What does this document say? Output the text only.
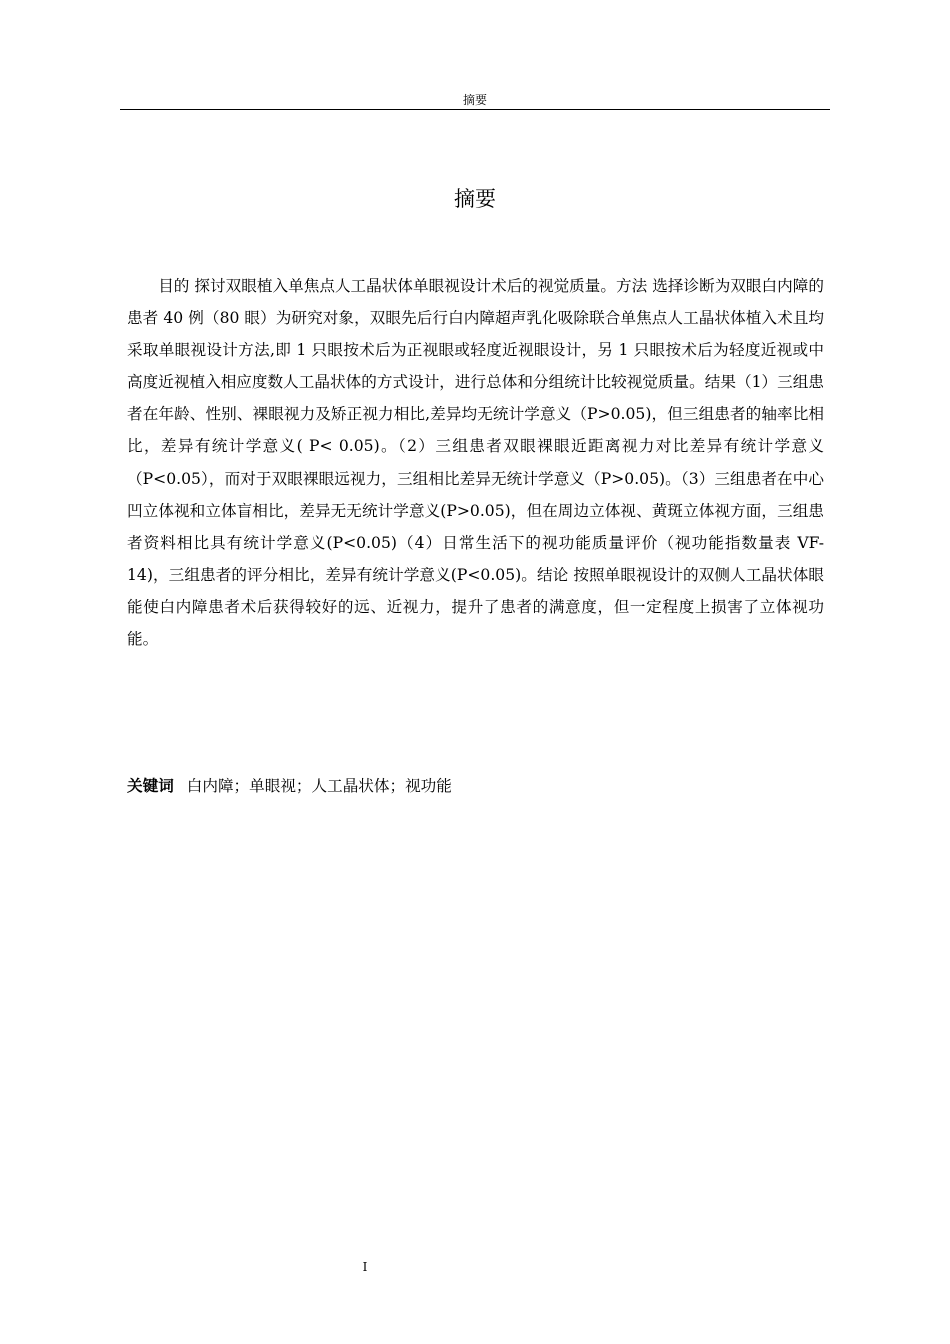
摘要
摘要

目的 探讨双眼植入单焦点人工晶状体单眼视设计术后的视觉质量。方法 选择诊断为双眼白内障的患者 40 例（80 眼）为研究对象，双眼先后行白内障超声乳化吸除联合单焦点人工晶状体植入术且均采取单眼视设计方法,即 1 只眼按术后为正视眼或轻度近视眼设计，另 1 只眼按术后为轻度近视或中高度近视植入相应度数人工晶状体的方式设计，进行总体和分组统计比较视觉质量。结果（1）三组患者在年龄、性别、裸眼视力及矫正视力相比,差异均无统计学意义（P>0.05)，但三组患者的轴率比相比，差异有统计学意义( P< 0.05)。（2）三组患者双眼裸眼近距离视力对比差异有统计学意义（P<0.05），而对于双眼裸眼远视力，三组相比差异无统计学意义（P>0.05)。（3）三组患者在中心凹立体视和立体盲相比，差异无无统计学意义(P>0.05)，但在周边立体视、黄斑立体视方面，三组患者资料相比具有统计学意义(P<0.05)（4）日常生活下的视功能质量评价（视功能指数量表 VF-14)，三组患者的评分相比，差异有统计学意义(P<0.05)。结论 按照单眼视设计的双侧人工晶状体眼能使白内障患者术后获得较好的远、近视力，提升了患者的满意度，但一定程度上损害了立体视功能。

关键词 白内障；单眼视；人工晶状体；视功能
I
